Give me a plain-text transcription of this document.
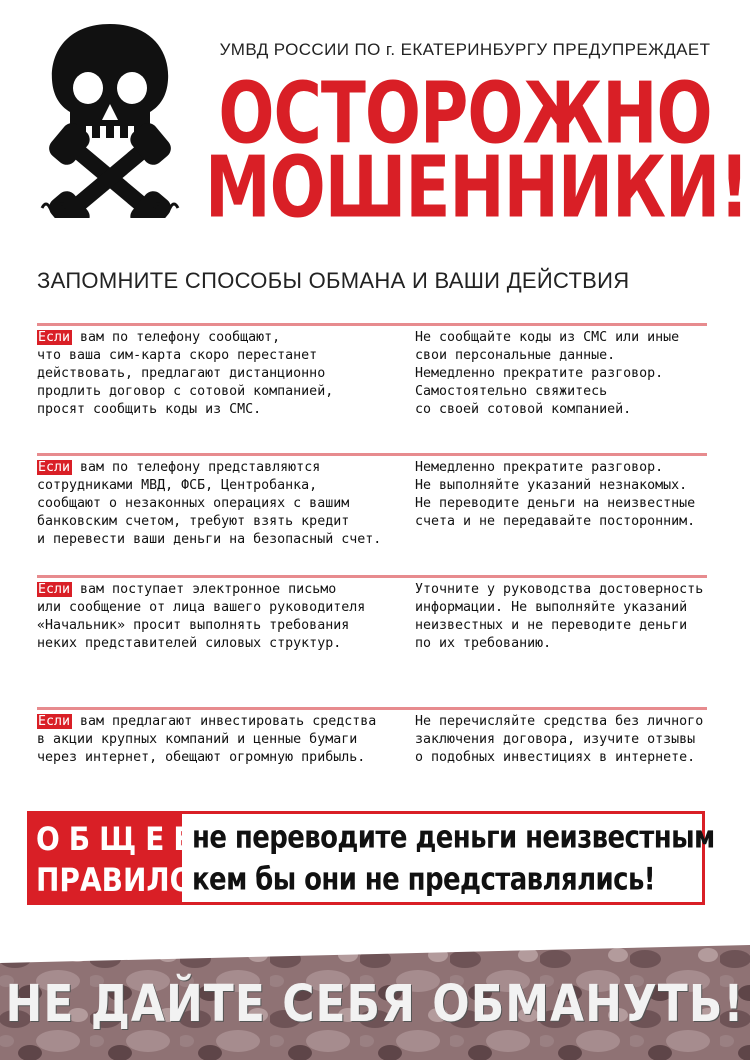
УМВД РОССИИ ПО г. ЕКАТЕРИНБУРГУ ПРЕДУПРЕЖДАЕТ
ОСТОРОЖНО
МОШЕННИКИ!
ЗАПОМНИТЕ СПОСОБЫ ОБМАНА И ВАШИ ДЕЙСТВИЯ
Если вам по телефону сообщают,
что ваша сим-карта скоро перестанет
действовать, предлагают дистанционно
продлить договор с сотовой компанией,
просят сообщить коды из СМС.
Не сообщайте коды из СМС или иные
свои персональные данные.
Немедленно прекратите разговор.
Самостоятельно свяжитесь
со своей сотовой компанией.
Если вам по телефону представляются
сотрудниками МВД, ФСБ, Центробанка,
сообщают о незаконных операциях с вашим
банковским счетом, требуют взять кредит
и перевести ваши деньги на безопасный счет.
Немедленно прекратите разговор.
Не выполняйте указаний незнакомых.
Не переводите деньги на неизвестные
счета и не передавайте посторонним.
Если вам поступает электронное письмо
или сообщение от лица вашего руководителя
«Начальник» просит выполнять требования
неких представителей силовых структур.
Уточните у руководства достоверность
информации. Не выполняйте указаний
неизвестных и не переводите деньги
по их требованию.
Если вам предлагают инвестировать средства
в акции крупных компаний и ценные бумаги
через интернет, обещают огромную прибыль.
Не перечисляйте средства без личного
заключения договора, изучите отзывы
о подобных инвестициях в интернете.
ОБЩЕЕ
ПРАВИЛО
не переводите деньги неизвестным
кем бы они не представлялись!
НЕ ДАЙТЕ СЕБЯ ОБМАНУТЬ!
